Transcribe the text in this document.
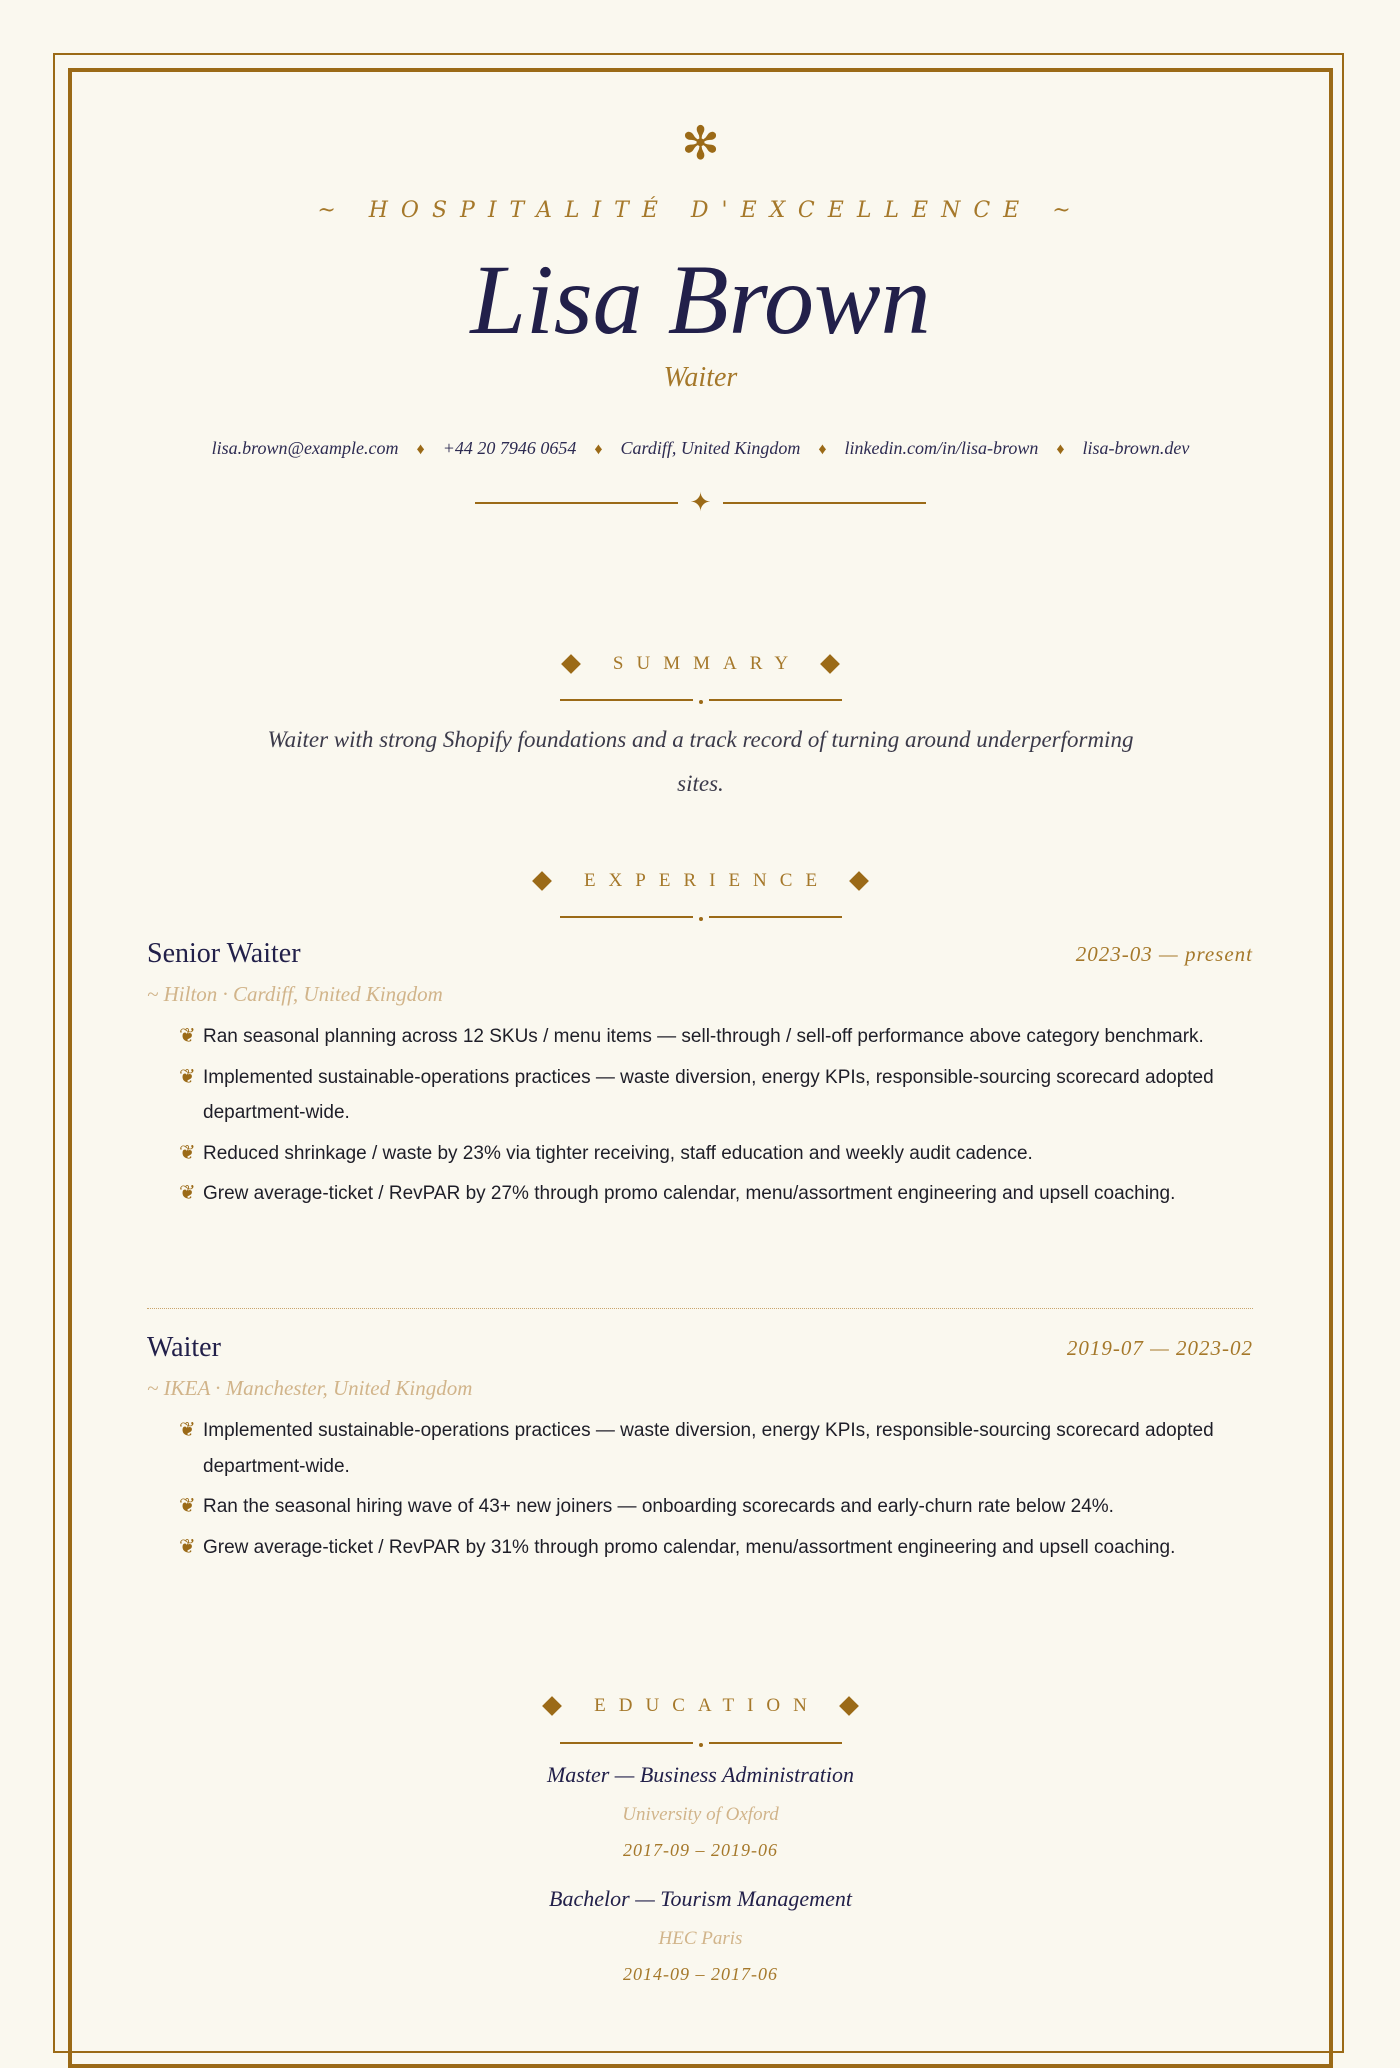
✻
~ HOSPITALITÉ D'EXCELLENCE ~
Lisa Brown
Waiter
lisa.brown@example.com ♦ +44 20 7946 0654 ♦ Cardiff, United Kingdom ♦ linkedin.com/in/lisa-brown ♦ lisa-brown.dev
✦
SUMMARY
Waiter with strong Shopify foundations and a track record of turning around underperforming sites.
EXPERIENCE
Senior Waiter	2023-03 — present
~ Hilton · Cardiff, United Kingdom
❦ Ran seasonal planning across 12 SKUs / menu items — sell-through / sell-off performance above category benchmark.
❦ Implemented sustainable-operations practices — waste diversion, energy KPIs, responsible-sourcing scorecard adopted department-wide.
❦ Reduced shrinkage / waste by 23% via tighter receiving, staff education and weekly audit cadence.
❦ Grew average-ticket / RevPAR by 27% through promo calendar, menu/assortment engineering and upsell coaching.
Waiter	2019-07 — 2023-02
~ IKEA · Manchester, United Kingdom
❦ Implemented sustainable-operations practices — waste diversion, energy KPIs, responsible-sourcing scorecard adopted department-wide.
❦ Ran the seasonal hiring wave of 43+ new joiners — onboarding scorecards and early-churn rate below 24%.
❦ Grew average-ticket / RevPAR by 31% through promo calendar, menu/assortment engineering and upsell coaching.
EDUCATION
Master — Business Administration
University of Oxford
2017-09 – 2019-06
Bachelor — Tourism Management
HEC Paris
2014-09 – 2017-06
